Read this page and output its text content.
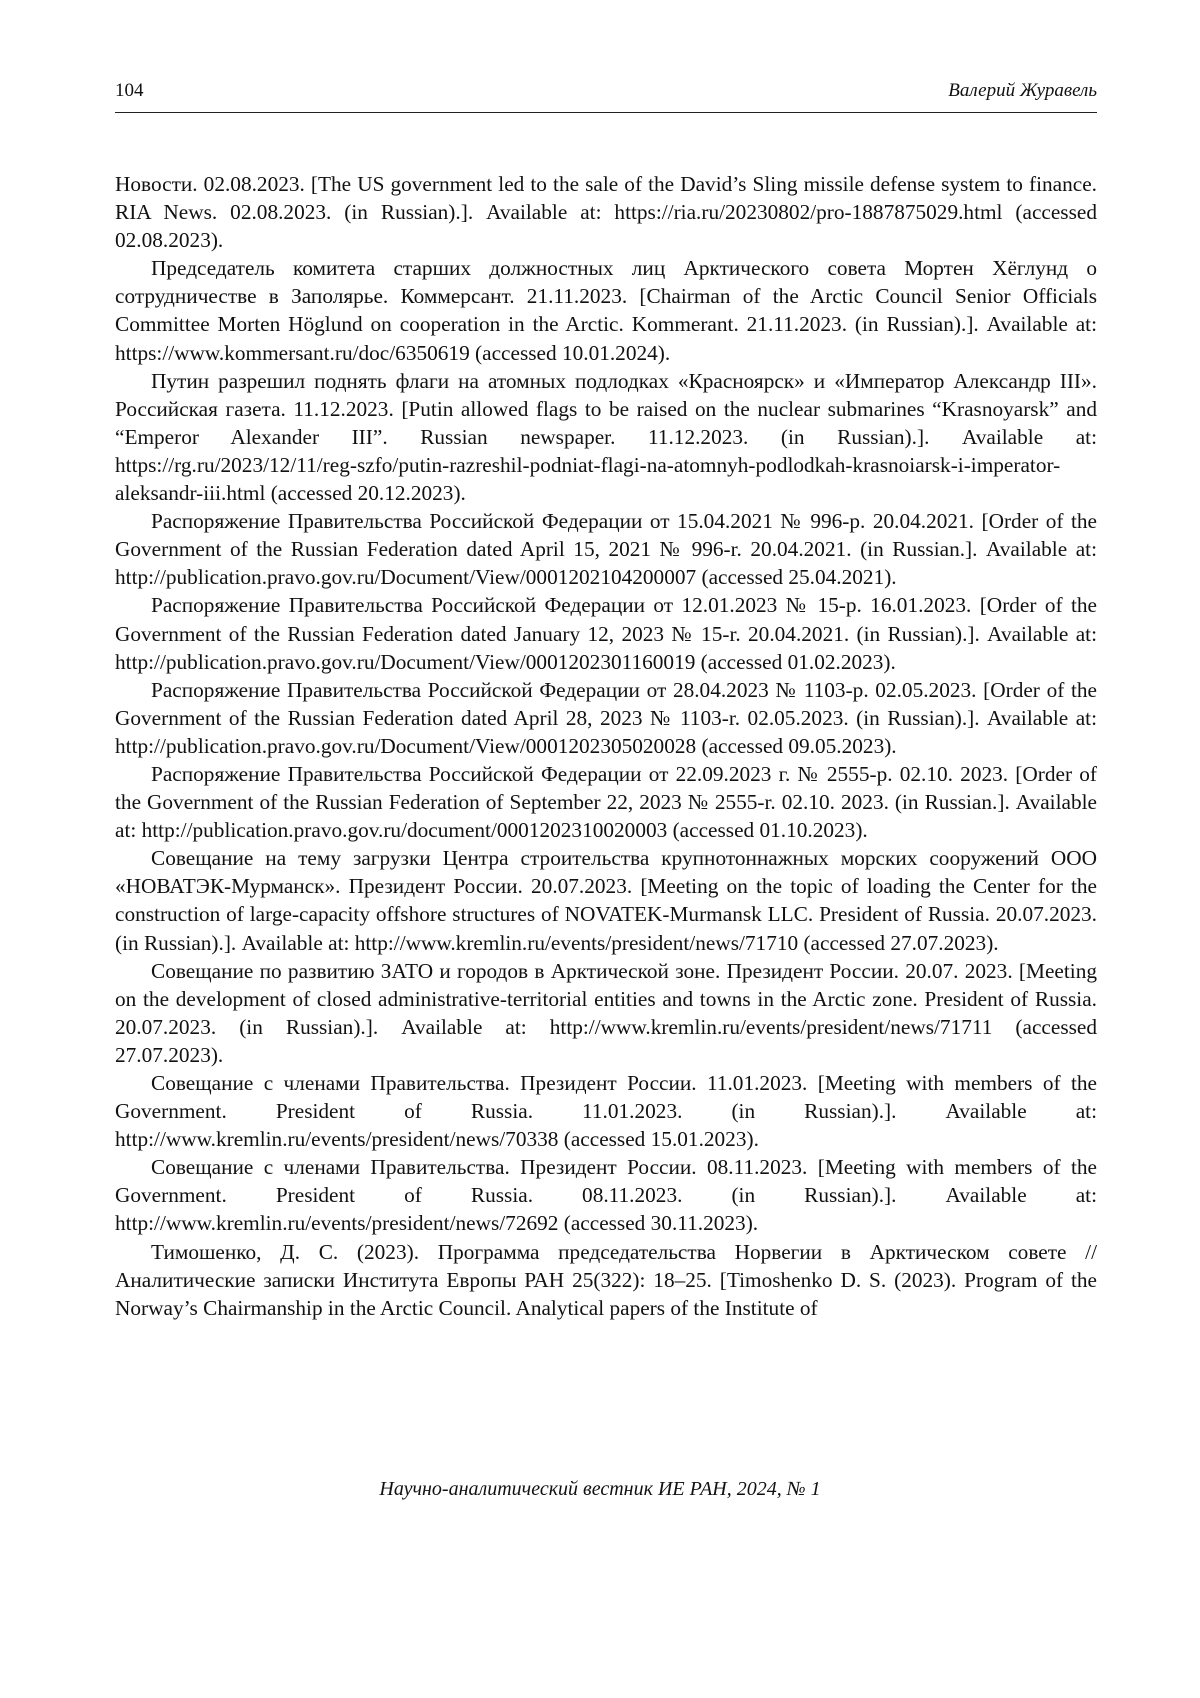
104	Валерий Журавель

Новости. 02.08.2023. [The US government led to the sale of the David’s Sling missile defense system to finance. RIA News. 02.08.2023. (in Russian).]. Available at: https://ria.ru/20230802/pro-1887875029.html (accessed 02.08.2023).

Председатель комитета старших должностных лиц Арктического совета Мортен Хёглунд о сотрудничестве в Заполярье. Коммерсант. 21.11.2023. [Chairman of the Arctic Council Senior Officials Committee Morten Höglund on cooperation in the Arctic. Kommerant. 21.11.2023. (in Russian).]. Available at: https://www.kommersant.ru/doc/6350619 (accessed 10.01.2024).

Путин разрешил поднять флаги на атомных подлодках «Красноярск» и «Император Александр III». Российская газета. 11.12.2023. [Putin allowed flags to be raised on the nuclear submarines “Krasnoyarsk” and “Emperor Alexander III”. Russian newspaper. 11.12.2023. (in Russian).]. Available at: https://rg.ru/2023/12/11/reg-szfo/putin-razreshil-podniat-flagi-na-atomnyh-podlodkah-krasnoiarsk-i-imperator-aleksandr-iii.html (accessed 20.12.2023).

Распоряжение Правительства Российской Федерации от 15.04.2021 № 996-р. 20.04.2021. [Order of the Government of the Russian Federation dated April 15, 2021 № 996-r. 20.04.2021. (in Russian.]. Available at: http://publication.pravo.gov.ru/Document/View/0001202104200007 (accessed 25.04.2021).

Распоряжение Правительства Российской Федерации от 12.01.2023 № 15-р. 16.01.2023. [Order of the Government of the Russian Federation dated January 12, 2023 № 15-r. 20.04.2021. (in Russian).]. Available at: http://publication.pravo.gov.ru/Document/View/0001202301160019 (accessed 01.02.2023).

Распоряжение Правительства Российской Федерации от 28.04.2023 № 1103-р. 02.05.2023. [Order of the Government of the Russian Federation dated April 28, 2023 № 1103-r. 02.05.2023. (in Russian).]. Available at: http://publication.pravo.gov.ru/Document/View/0001202305020028 (accessed 09.05.2023).

Распоряжение Правительства Российской Федерации от 22.09.2023 г. № 2555-р. 02.10. 2023. [Order of the Government of the Russian Federation of September 22, 2023 № 2555-r. 02.10. 2023. (in Russian.]. Available at: http://publication.pravo.gov.ru/document/0001202310020003 (accessed 01.10.2023).

Совещание на тему загрузки Центра строительства крупнотоннажных морских сооружений ООО «НОВАТЭК-Мурманск». Президент России. 20.07.2023. [Meeting on the topic of loading the Center for the construction of large-capacity offshore structures of NOVATEK-Murmansk LLC. President of Russia. 20.07.2023. (in Russian).]. Available at: http://www.kremlin.ru/events/president/news/71710 (accessed 27.07.2023).

Совещание по развитию ЗАТО и городов в Арктической зоне. Президент России. 20.07. 2023. [Meeting on the development of closed administrative-territorial entities and towns in the Arctic zone. President of Russia. 20.07.2023. (in Russian).]. Available at: http://www.kremlin.ru/events/president/news/71711 (accessed 27.07.2023).

Совещание с членами Правительства. Президент России. 11.01.2023. [Meeting with members of the Government. President of Russia. 11.01.2023. (in Russian).]. Available at: http://www.kremlin.ru/events/president/news/70338 (accessed 15.01.2023).

Совещание с членами Правительства. Президент России. 08.11.2023. [Meeting with members of the Government. President of Russia. 08.11.2023. (in Russian).]. Available at: http://www.kremlin.ru/events/president/news/72692 (accessed 30.11.2023).

Тимошенко, Д. С. (2023). Программа председательства Норвегии в Арктическом совете // Аналитические записки Института Европы РАН 25(322): 18–25. [Timoshenko D. S. (2023). Program of the Norway’s Chairmanship in the Arctic Council. Analytical papers of the Institute of

Научно-аналитический вестник ИЕ РАН, 2024, № 1
